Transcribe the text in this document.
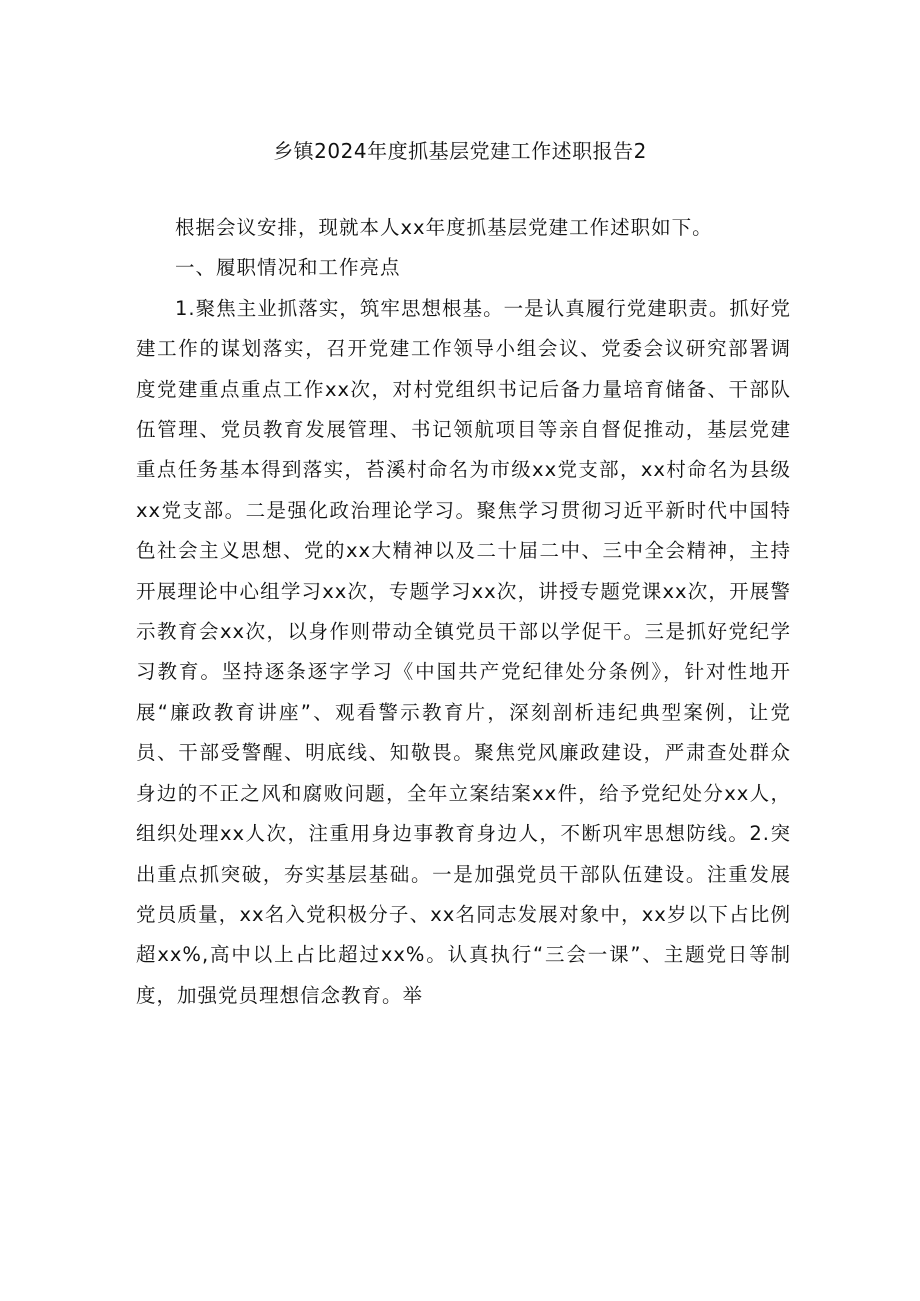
乡镇2024年度抓基层党建工作述职报告2

根据会议安排，现就本人xx年度抓基层党建工作述职如下。

一、履职情况和工作亮点

1.聚焦主业抓落实，筑牢思想根基。一是认真履行党建职责。抓好党建工作的谋划落实，召开党建工作领导小组会议、党委会议研究部署调度党建重点重点工作xx次，对村党组织书记后备力量培育储备、干部队伍管理、党员教育发展管理、书记领航项目等亲自督促推动，基层党建重点任务基本得到落实，苔溪村命名为市级xx党支部，xx村命名为县级xx党支部。二是强化政治理论学习。聚焦学习贯彻习近平新时代中国特色社会主义思想、党的xx大精神以及二十届二中、三中全会精神，主持开展理论中心组学习xx次，专题学习xx次，讲授专题党课xx次，开展警示教育会xx次，以身作则带动全镇党员干部以学促干。三是抓好党纪学习教育。坚持逐条逐字学习《中国共产党纪律处分条例》，针对性地开展“廉政教育讲座”、观看警示教育片，深刻剖析违纪典型案例，让党员、干部受警醒、明底线、知敬畏。聚焦党风廉政建设，严肃查处群众身边的不正之风和腐败问题，全年立案结案xx件，给予党纪处分xx人，组织处理xx人次，注重用身边事教育身边人，不断巩牢思想防线。2.突出重点抓突破，夯实基层基础。一是加强党员干部队伍建设。注重发展党员质量，xx名入党积极分子、xx名同志发展对象中，xx岁以下占比例超xx%,高中以上占比超过xx%。认真执行“三会一课”、主题党日等制度，加强党员理想信念教育。举
